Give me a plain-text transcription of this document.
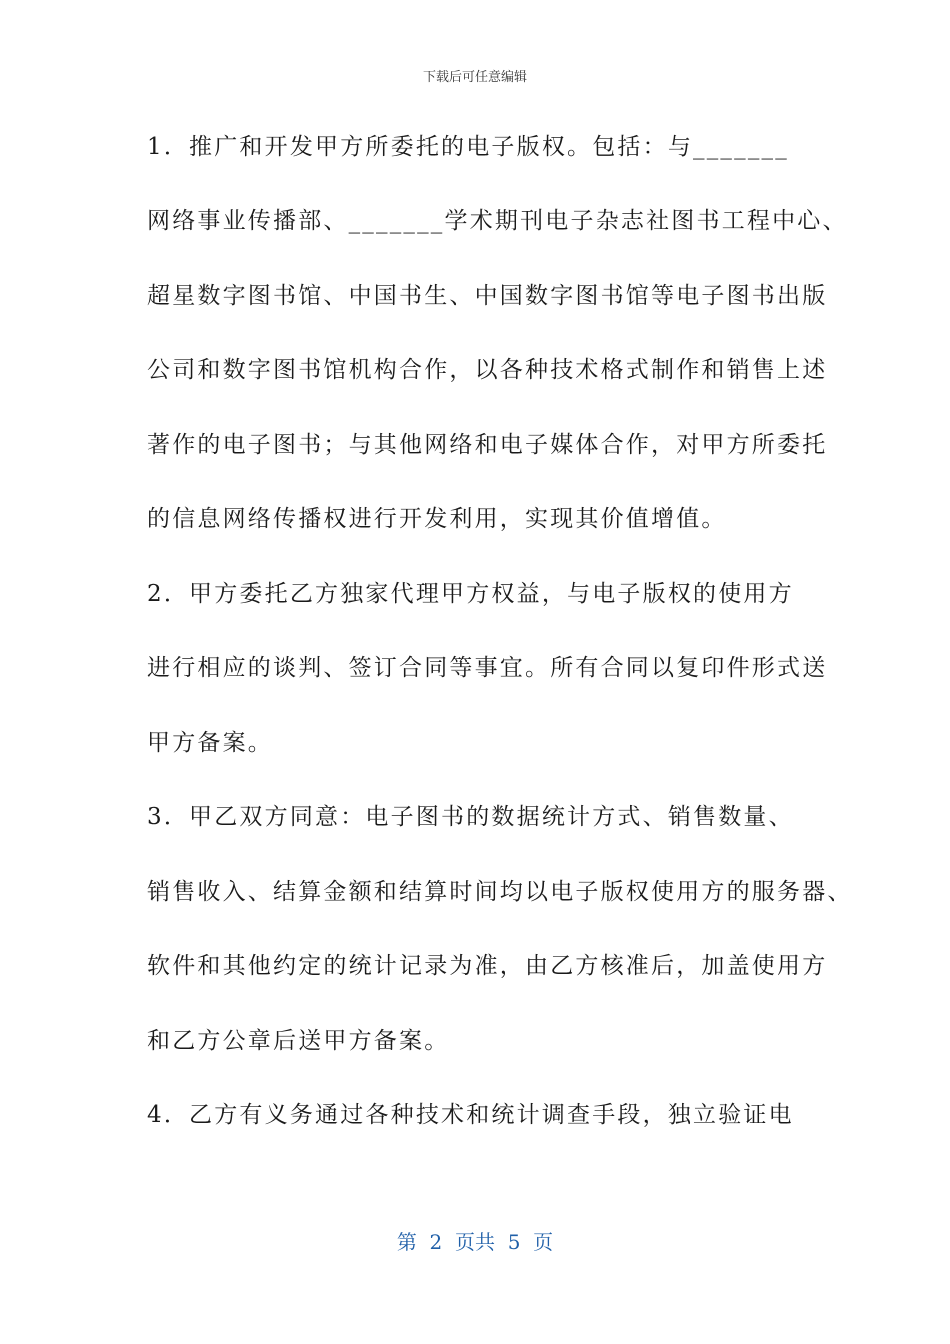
下载后可任意编辑
1．推广和开发甲方所委托的电子版权。包括：与_______
网络事业传播部、_______学术期刊电子杂志社图书工程中心、
超星数字图书馆、中国书生、中国数字图书馆等电子图书出版
公司和数字图书馆机构合作，以各种技术格式制作和销售上述
著作的电子图书；与其他网络和电子媒体合作，对甲方所委托
的信息网络传播权进行开发利用，实现其价值增值。
2．甲方委托乙方独家代理甲方权益，与电子版权的使用方
进行相应的谈判、签订合同等事宜。所有合同以复印件形式送
甲方备案。
3．甲乙双方同意：电子图书的数据统计方式、销售数量、
销售收入、结算金额和结算时间均以电子版权使用方的服务器、
软件和其他约定的统计记录为准，由乙方核准后，加盖使用方
和乙方公章后送甲方备案。
4．乙方有义务通过各种技术和统计调查手段，独立验证电
第  2  页共  5  页
